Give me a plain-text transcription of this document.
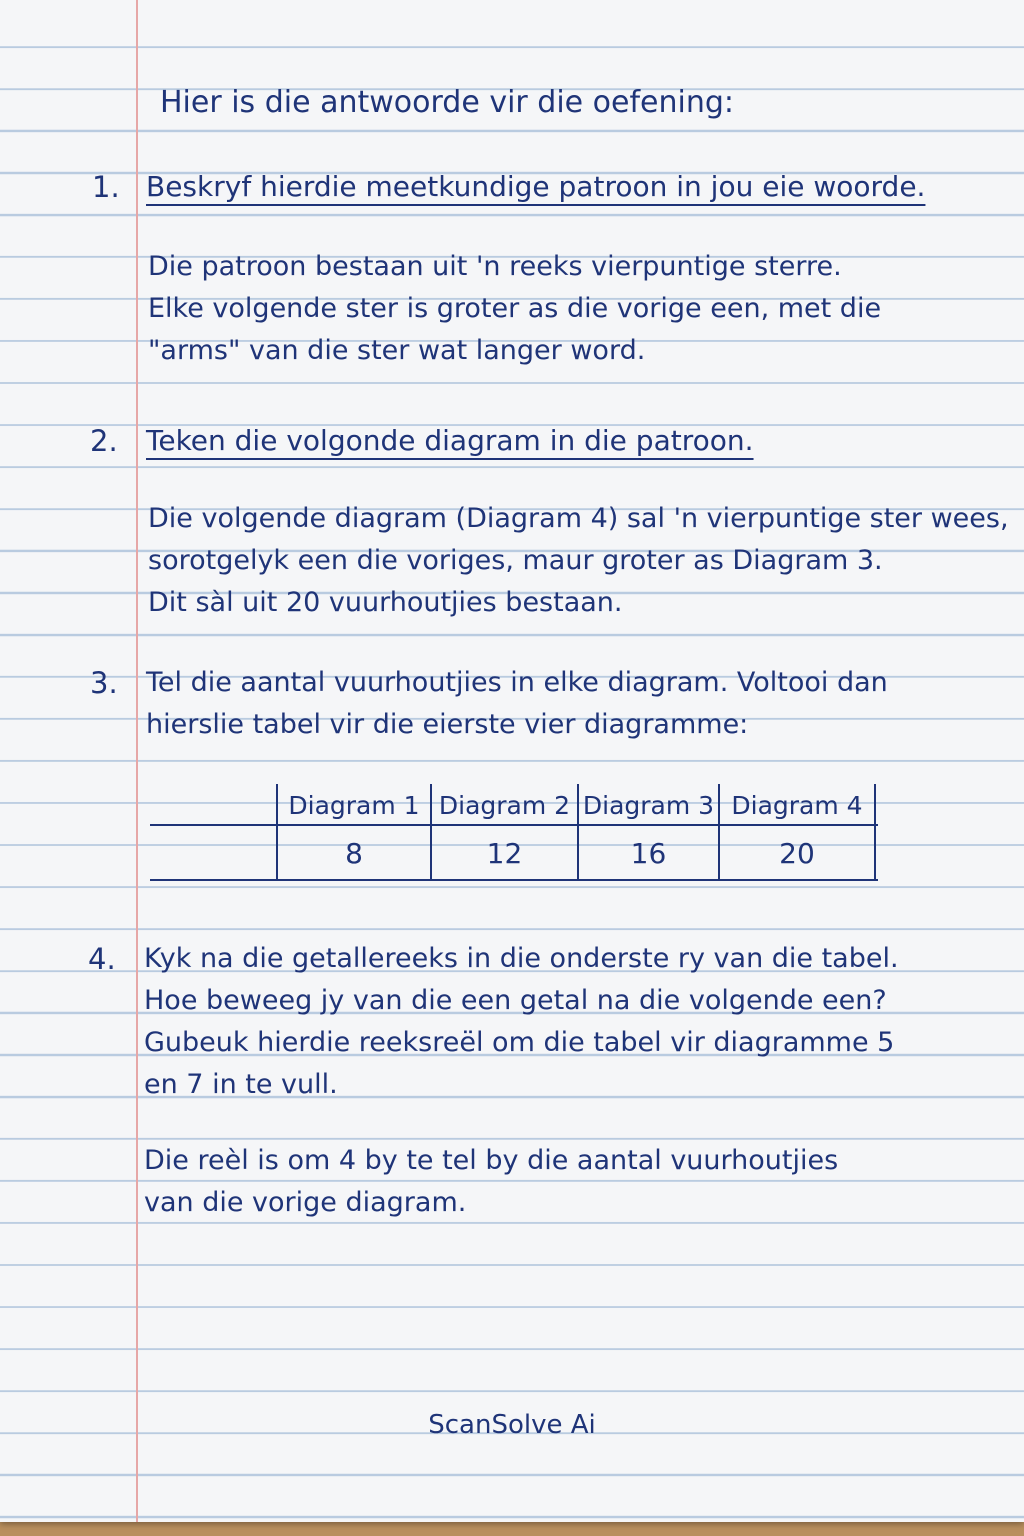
Hier is die antwoorde vir die oefening:
1. Beskryf hierdie meetkundige patroon in jou eie woorde.
Die patroon bestaan uit 'n reeks vierpuntige sterre.
Elke volgende ster is groter as die vorige een, met die
"arms" van die ster wat langer word.
2. Teken die volgonde diagram in die patroon.
Die volgende diagram (Diagram 4) sal 'n vierpuntige ster wees,
sorotgelyk een die voriges, maur groter as Diagram 3.
Dit sàl uit 20 vuurhoutjies bestaan.
3. Tel die aantal vuurhoutjies in elke diagram. Voltooi dan
hierslie tabel vir die eierste vier diagramme:
Diagram 1 Diagram 2 Diagram 3 Diagram 4
8	12	16	20
4. Kyk na die getallereeks in die onderste ry van die tabel.
Hoe beweeg jy van die een getal na die volgende een?
Gubeuk hierdie reeksreël om die tabel vir diagramme 5
en 7 in te vull.
Die reèl is om 4 by te tel by die aantal vuurhoutjies
van die vorige diagram.
ScanSolve Ai
